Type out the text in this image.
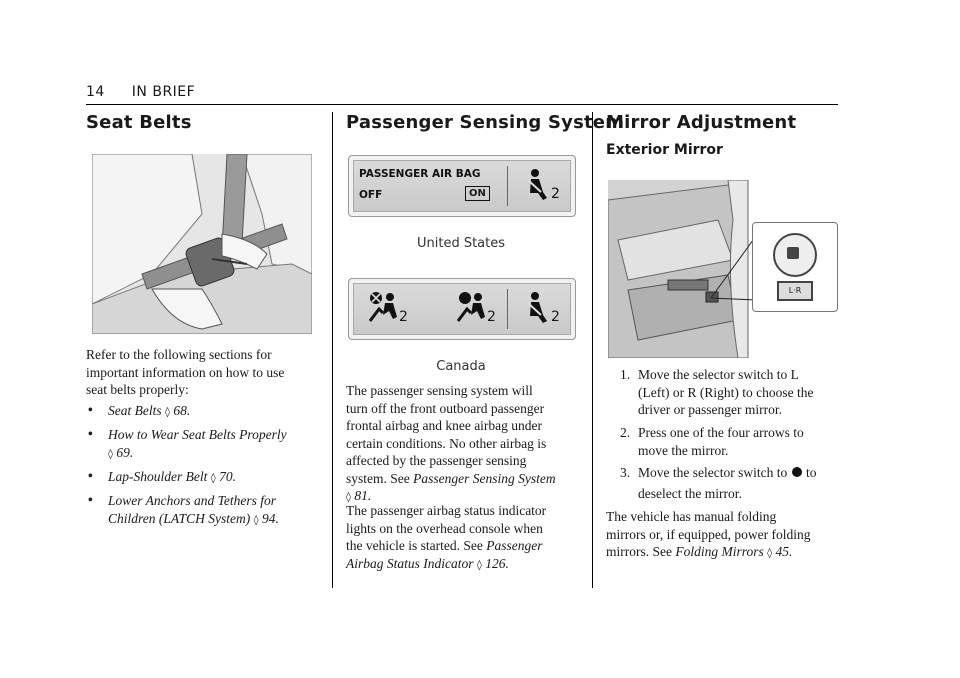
14 IN BRIEF
Seat Belts
Refer to the following sections for
important information on how to use
seat belts properly:
• Seat Belts ◊ 68.
• How to Wear Seat Belts Properly
◊ 69.
• Lap-Shoulder Belt ◊ 70.
• Lower Anchors and Tethers for
Children (LATCH System) ◊ 94.
Passenger Sensing System
PASSENGER AIR BAG
OFF	ON	2
United States
2	2	2
Canada
The passenger sensing system will
turn off the front outboard passenger
frontal airbag and knee airbag under
certain conditions. No other airbag is
affected by the passenger sensing
system. See Passenger Sensing System
◊ 81.
The passenger airbag status indicator
lights on the overhead console when
the vehicle is started. See Passenger
Airbag Status Indicator ◊ 126.
Mirror Adjustment
Exterior Mirror
L·R
1. Move the selector switch to L
(Left) or R (Right) to choose the
driver or passenger mirror.
2. Press one of the four arrows to
move the mirror.
3. Move the selector switch to to
deselect the mirror.
The vehicle has manual folding
mirrors or, if equipped, power folding
mirrors. See Folding Mirrors ◊ 45.
